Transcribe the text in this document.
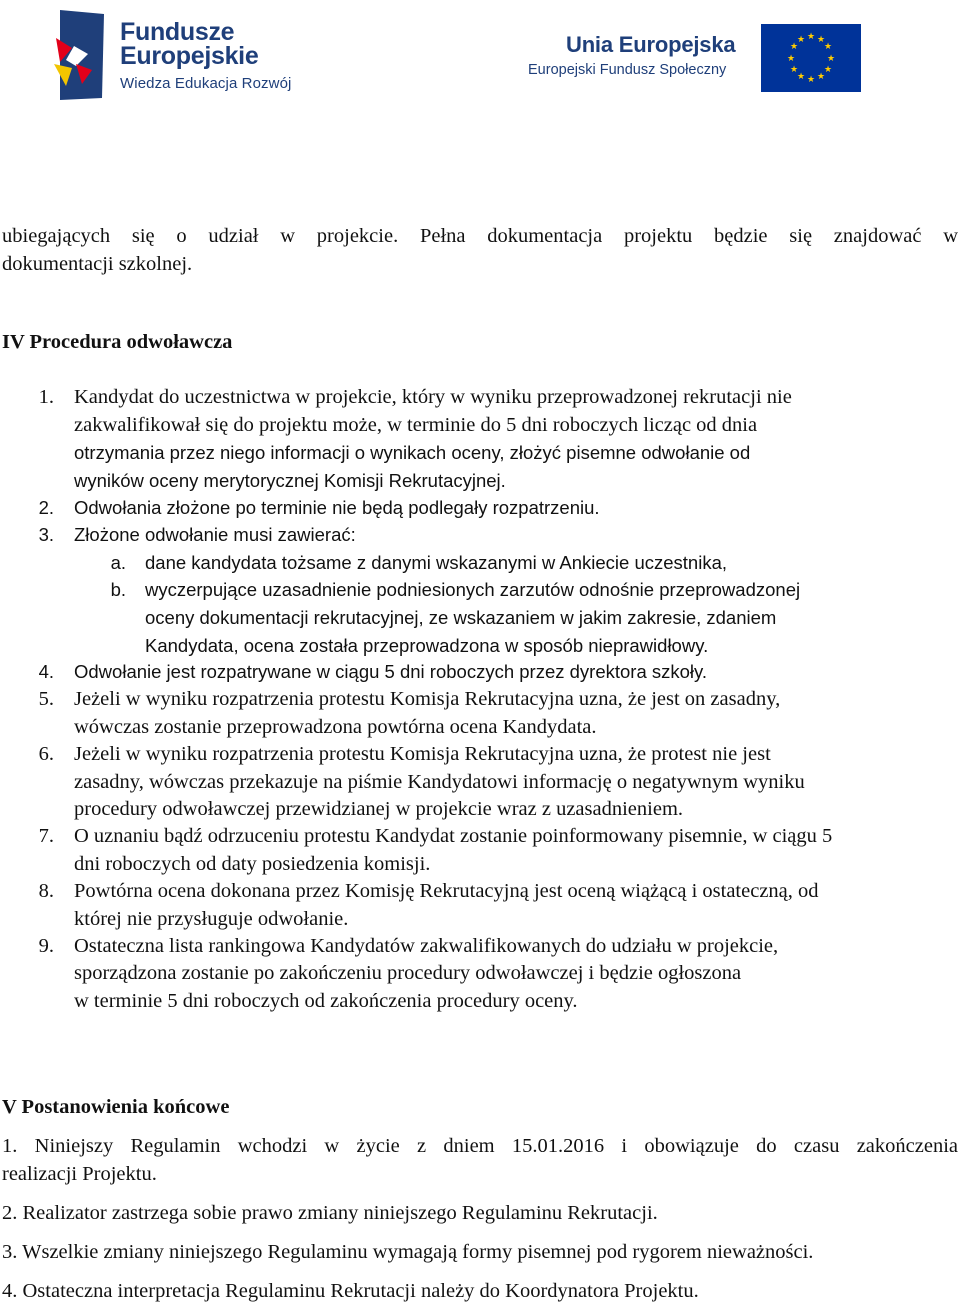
Fundusze
Europejskie
Wiedza Edukacja Rozwój
Unia Europejska
Europejski Fundusz Społeczny
★ ★
★
★
★
★
★
★
★
★
★
★
ubiegających się o udział w projekcie. Pełna dokumentacja projektu będzie się znajdować w
dokumentacji szkolnej.
IV Procedura odwoławcza
1. Kandydat do uczestnictwa w projekcie, który w wyniku przeprowadzonej rekrutacji nie
zakwalifikował się do projektu może, w terminie do 5 dni roboczych licząc od dnia
otrzymania przez niego informacji o wynikach oceny, złożyć pisemne odwołanie od
wyników oceny merytorycznej Komisji Rekrutacyjnej.
2. Odwołania złożone po terminie nie będą podlegały rozpatrzeniu.
3. Złożone odwołanie musi zawierać:
a. dane kandydata tożsame z danymi wskazanymi w Ankiecie uczestnika,
b. wyczerpujące uzasadnienie podniesionych zarzutów odnośnie przeprowadzonej
oceny dokumentacji rekrutacyjnej, ze wskazaniem w jakim zakresie, zdaniem
Kandydata, ocena została przeprowadzona w sposób nieprawidłowy.
4. Odwołanie jest rozpatrywane w ciągu 5 dni roboczych przez dyrektora szkoły.
5. Jeżeli w wyniku rozpatrzenia protestu Komisja Rekrutacyjna uzna, że jest on zasadny,
wówczas zostanie przeprowadzona powtórna ocena Kandydata.
6. Jeżeli w wyniku rozpatrzenia protestu Komisja Rekrutacyjna uzna, że protest nie jest
zasadny, wówczas przekazuje na piśmie Kandydatowi informację o negatywnym wyniku
procedury odwoławczej przewidzianej w projekcie wraz z uzasadnieniem.
7. O uznaniu bądź odrzuceniu protestu Kandydat zostanie poinformowany pisemnie, w ciągu 5
dni roboczych od daty posiedzenia komisji.
8. Powtórna ocena dokonana przez Komisję Rekrutacyjną jest oceną wiążącą i ostateczną, od
której nie przysługuje odwołanie.
9. Ostateczna lista rankingowa Kandydatów zakwalifikowanych do udziału w projekcie,
sporządzona zostanie po zakończeniu procedury odwoławczej i będzie ogłoszona
w terminie 5 dni roboczych od zakończenia procedury oceny.
V Postanowienia końcowe
1. Niniejszy Regulamin wchodzi w życie z dniem 15.01.2016 i obowiązuje do czasu zakończenia
realizacji Projektu.
2. Realizator zastrzega sobie prawo zmiany niniejszego Regulaminu Rekrutacji.
3. Wszelkie zmiany niniejszego Regulaminu wymagają formy pisemnej pod rygorem nieważności.
4. Ostateczna interpretacja Regulaminu Rekrutacji należy do Koordynatora Projektu.
